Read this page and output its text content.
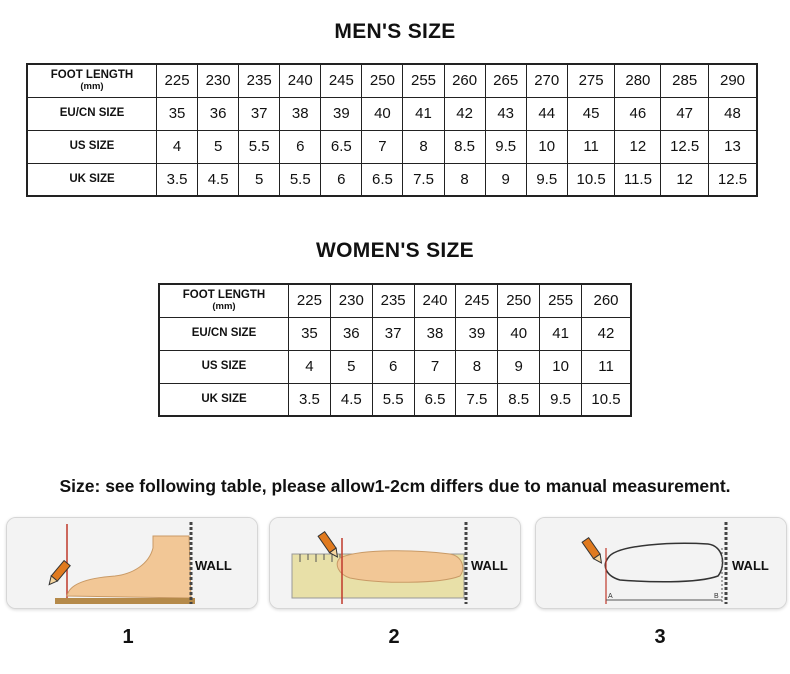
MEN'S SIZE
FOOT LENGTH
(mm)	225	230	235	240	245	250	255	260	265	270	275	280	285	290
EU/CN SIZE	35	36	37	38	39	40	41	42	43	44	45	46	47	48
US SIZE	4	5	5.5	6	6.5	7	8	8.5	9.5	10	11	12	12.5	13
UK SIZE	3.5	4.5	5	5.5	6	6.5	7.5	8	9	9.5	10.5	11.5	12	12.5
WOMEN'S SIZE
FOOT LENGTH
(mm)	225	230	235	240	245	250	255	260
EU/CN SIZE	35	36	37	38	39	40	41	42
US SIZE	4	5	6	7	8	9	10	11
UK SIZE	3.5	4.5	5.5	6.5	7.5	8.5	9.5	10.5
Size: see following table, please allow1-2cm differs due to manual measurement.
WALL	WALL
A	B
WALL
1	2	3
